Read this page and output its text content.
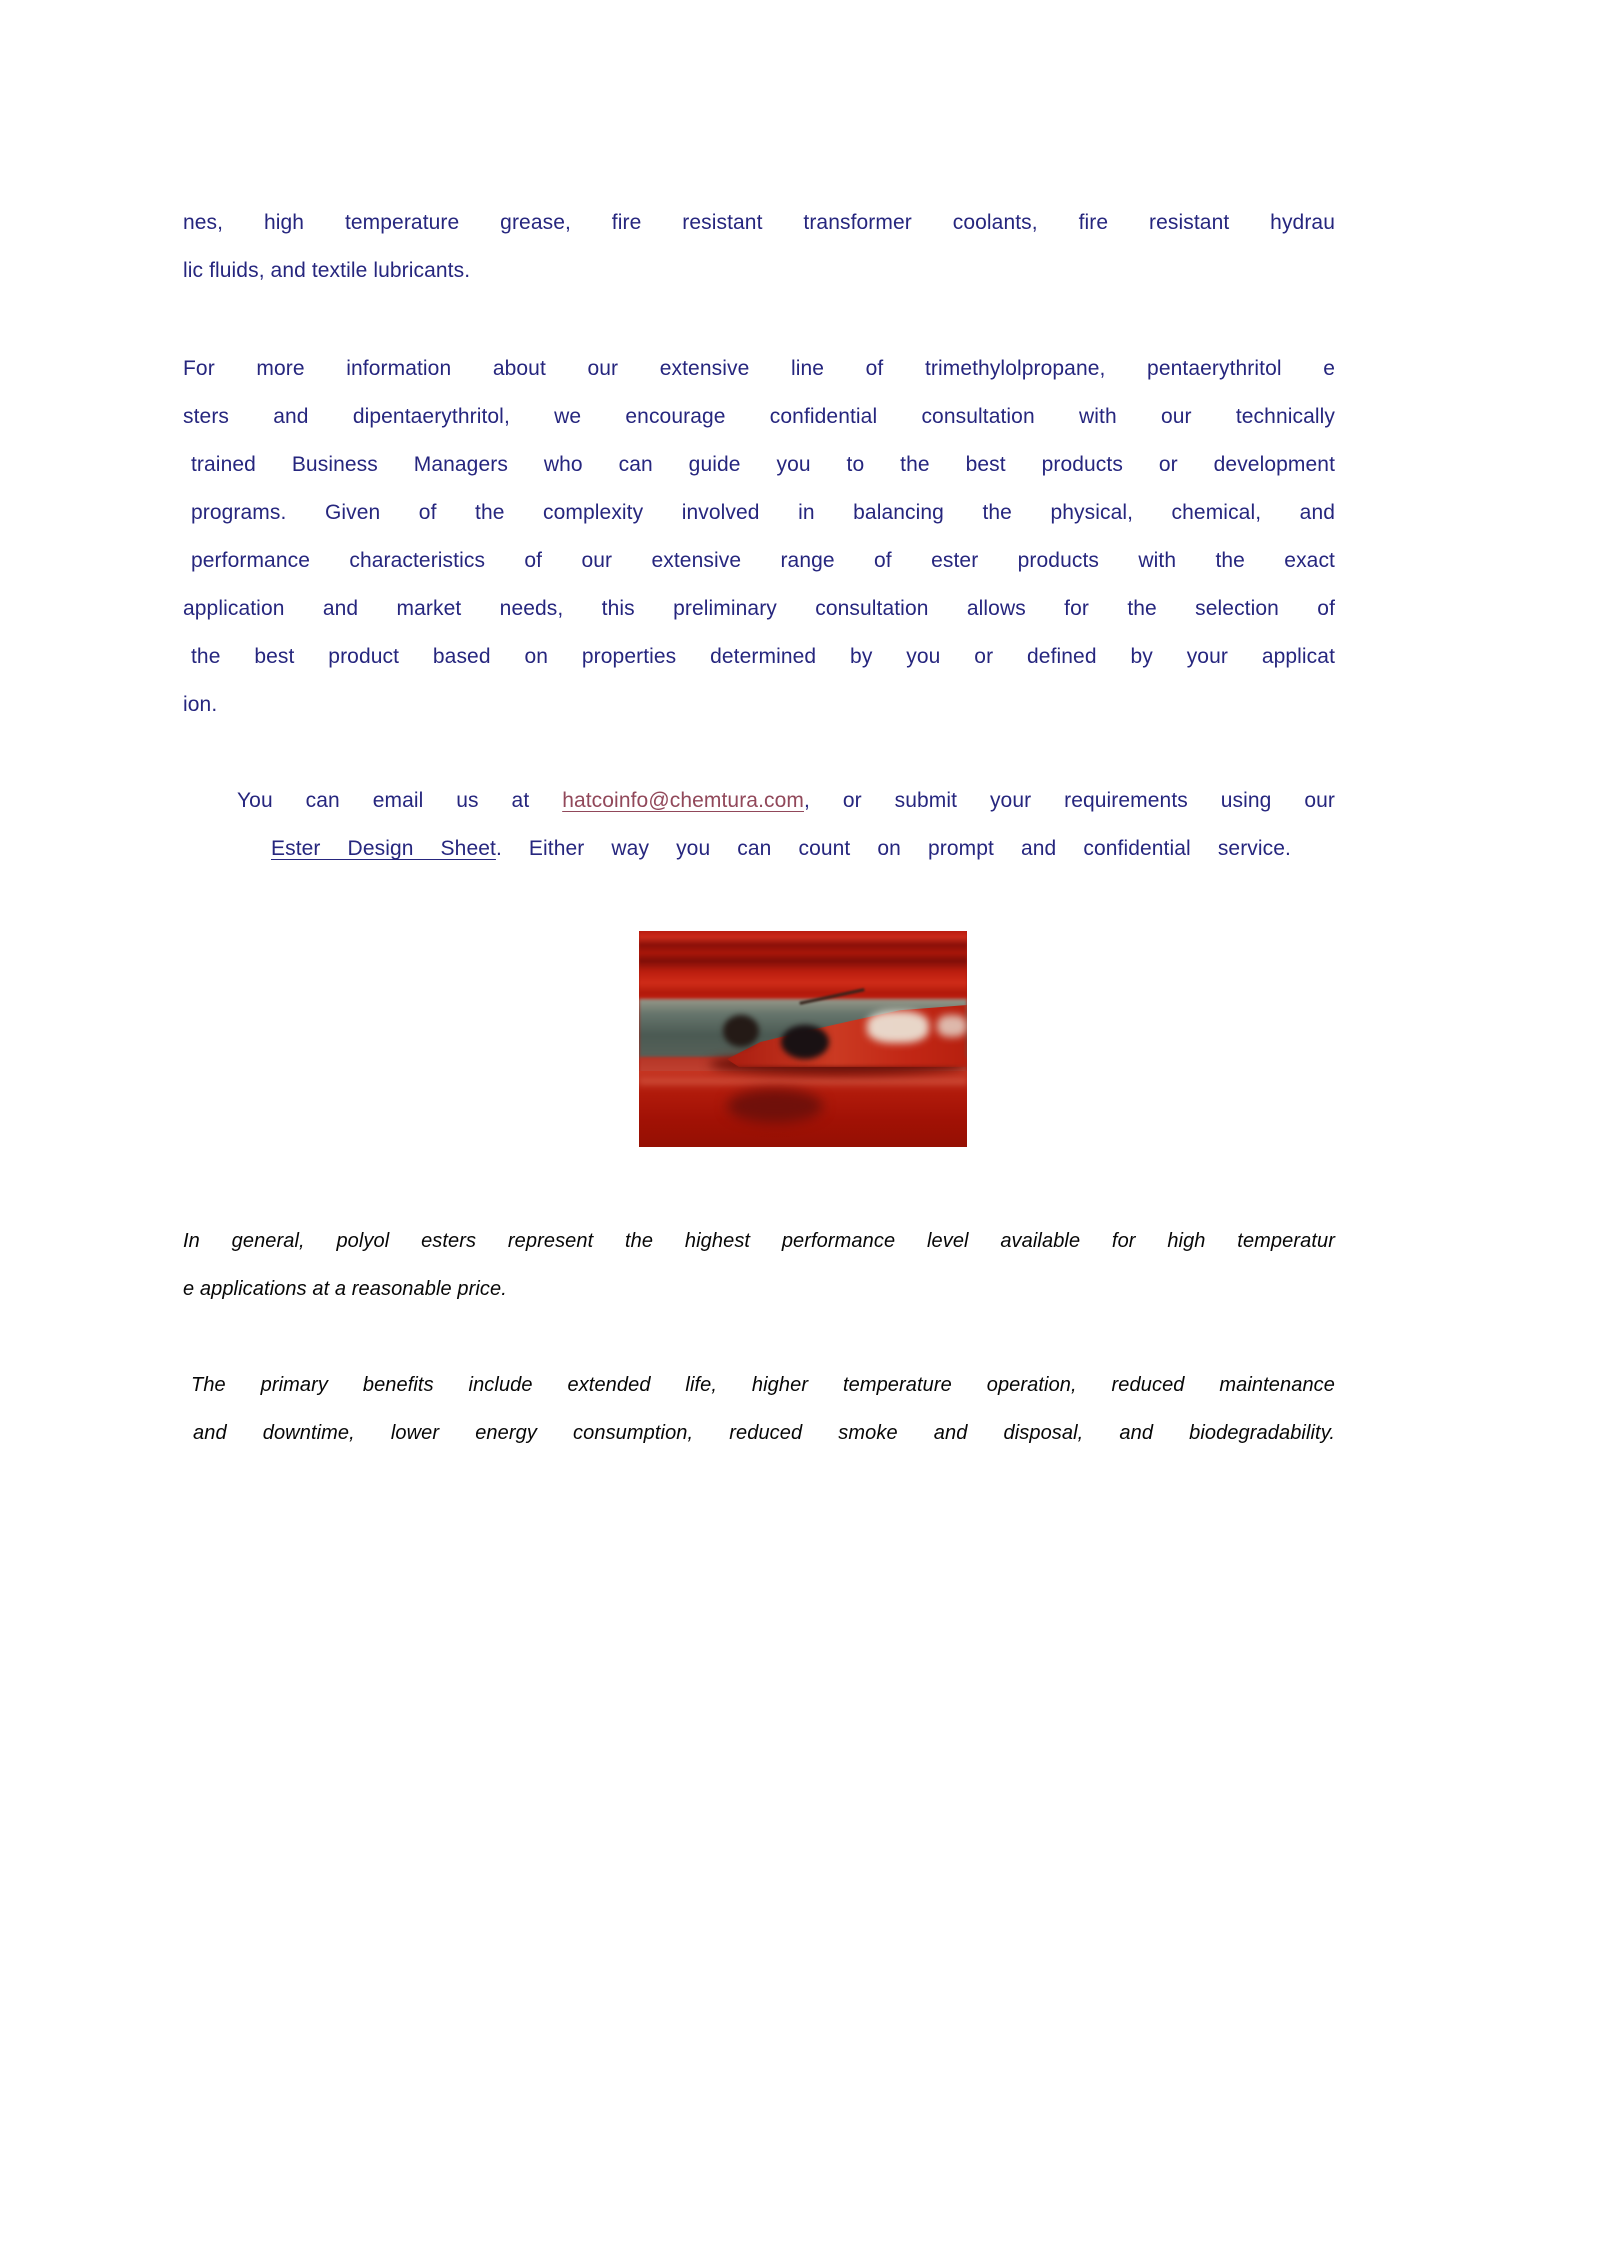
nes, high temperature grease, fire resistant transformer coolants, fire resistant hydrau
lic fluids, and textile lubricants.
For more information about our extensive line of trimethylolpropane, pentaerythritol e
sters and dipentaerythritol, we encourage confidential consultation with our technically
trained Business Managers who can guide you to the best products or development
programs. Given of the complexity involved in balancing the physical, chemical, and
performance characteristics of our extensive range of ester products with the exact
application and market needs, this preliminary consultation allows for the selection of
the best product based on properties determined by you or defined by your applicat
ion.
You can email us at hatcoinfo@chemtura.com, or submit your requirements using our
Ester Design Sheet. Either way you can count on prompt and confidential service.
In general, polyol esters represent the highest performance level available for high temperatur
e applications at a reasonable price.
The primary benefits include extended life, higher temperature operation, reduced maintenance
and downtime, lower energy consumption, reduced smoke and disposal, and biodegradability.
